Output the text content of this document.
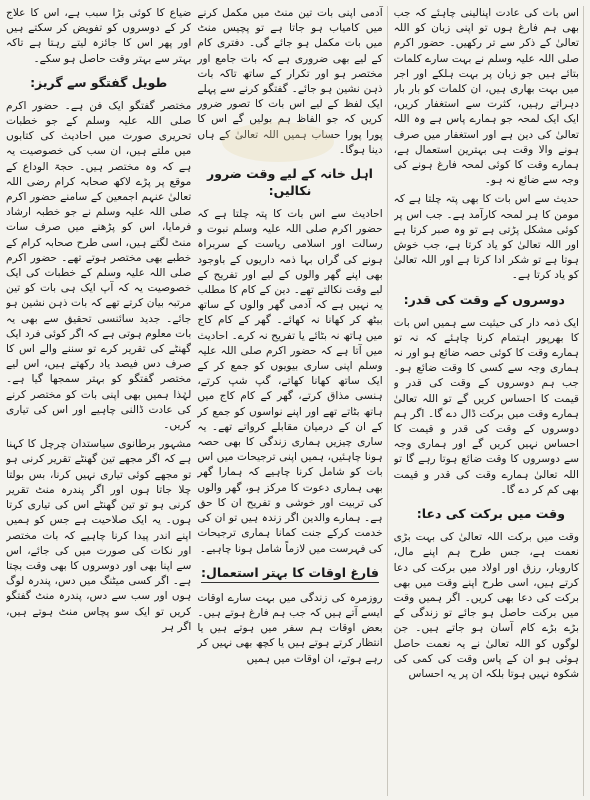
ضیاع کا کوئی بڑا سبب ہے، اس کا علاج کر کے دوسروں کو تفویض کر سکتے ہیں اور پھر اس کا جائزہ لیتے رہتا ہے تاکہ بہتر سے بہتر وقت حاصل ہو سکے۔

طویل گفتگو سے گریز:

مختصر گفتگو ایک فن ہے۔ حضور اکرم صلی اللہ علیہ وسلم کے جو خطبات تحریری صورت میں احادیث کی کتابوں میں ملتے ہیں، ان سب کی خصوصیت یہ ہے کہ وہ مختصر ہیں۔ حجۃ الوداع کے موقع پر پڑے لاکھ صحابہ کرام رضی اللہ تعالیٰ عنہم اجمعین کے سامنے حضور اکرم صلی اللہ علیہ وسلم نے جو خطبہ ارشاد فرمایا، اس کو پڑھنے میں صرف سات منٹ لگتے ہیں، اسی طرح صحابہ کرام کے خطبے بھی مختصر ہوتے تھے۔ حضور اکرم صلی اللہ علیہ وسلم کے خطبات کی ایک خصوصیت یہ کہ آپ ایک ہی بات کو تین مرتبہ بیان کرتے تھے کہ بات ذہن نشین ہو جائے۔ جدید سائنسی تحقیق سے بھی یہ بات معلوم ہوتی ہے کہ اگر کوئی فرد ایک گھنٹے کی تقریر کرے تو سننے والے اس کا صرف دس فیصد یاد رکھتے ہیں، اس لیے مختصر گفتگو کو بہتر سمجھا گیا ہے۔ لہٰذا ہمیں بھی اپنی بات کو مختصر کرنے کی عادت ڈالنی چاہیے اور اس کی تیاری کریں۔

مشہور برطانوی سیاستدان چرچل کا کہنا ہے کہ اگر مجھے تین گھنٹے تقریر کرنی ہو تو مجھے کوئی تیاری نہیں کرنا، بس بولتا چلا جاتا ہوں اور اگر پندرہ منٹ تقریر کرنی ہو تو تین گھنٹے اس کی تیاری کرتا ہوں۔ یہ ایک صلاحیت ہے جس کو ہمیں اپنے اندر پیدا کرنا چاہیے کہ بات مختصر اور نکات کی صورت میں کی جائے، اس سے اپنا بھی اور دوسروں کا بھی وقت بچتا ہے۔ اگر کسی میٹنگ میں دس، پندرہ لوگ ہوں اور سب سے دس، پندرہ منٹ گفتگو کریں تو ایک سو پچاس منٹ ہوتے ہیں، اگر ہر

آدمی اپنی بات تین منٹ میں مکمل کرنے میں کامیاب ہو جاتا ہے تو پچیس منٹ میں بات مکمل ہو جائے گی۔ دفتری کام کے لیے بھی ضروری ہے کہ بات جامع اور مختصر ہو اور تکرار کے ساتھ تاکہ بات ذہن نشین ہو جائے۔ گفتگو کرنے سے پہلے ایک لفظ کے لیے اس بات کا تصور ضرور کریں کہ جو الفاظ ہم بولیں گے اس کا پورا پورا حساب ہمیں اللہ تعالیٰ کے ہاں دینا ہوگا۔

اہل خانہ کے لیے وقت ضرور نکالیں:

احادیث سے اس بات کا پتہ چلتا ہے کہ حضور اکرم صلی اللہ علیہ وسلم نبوت و رسالت اور اسلامی ریاست کے سربراہ ہونے کی گراں بہا ذمہ داریوں کے باوجود بھی اپنے گھر والوں کے لیے اور تفریح کے لیے وقت نکالتے تھے۔ دین کے کام کا مطلب یہ نہیں ہے کہ آدمی گھر والوں کے ساتھ بیٹھ کر کھانا نہ کھائے۔ گھر کے کام کاج میں ہاتھ نہ بٹائے یا تفریح نہ کرے۔ احادیث میں آتا ہے کہ حضور اکرم صلی اللہ علیہ وسلم اپنی ساری بیویوں کو جمع کر کے ایک ساتھ کھانا کھاتے، گپ شپ کرتے، ہنسی مذاق کرتے، گھر کے کام کاج میں ہاتھ بٹاتے تھے اور اپنے نواسوں کو جمع کر کے ان کے درمیان مقابلے کرواتے تھے۔ یہ ساری چیزیں ہماری زندگی کا بھی حصہ ہونا چاہئیں، ہمیں اپنی ترجیحات میں اس بات کو شامل کرنا چاہیے کہ ہمارا گھر بھی ہماری دعوت کا مرکز ہو، گھر والوں کی تربیت اور خوشی و تفریح ان کا حق ہے۔ ہمارے والدین اگر زندہ ہیں تو ان کی خدمت کرکے جنت کمانا ہماری ترجیحات کی فہرست میں لازماً شامل ہونا چاہیے۔

فارغ اوقات کا بہتر استعمال:

روزمرہ کی زندگی میں بہت سارے اوقات ایسے آتے ہیں کہ جب ہم فارغ ہوتے ہیں۔ بعض اوقات ہم سفر میں ہوتے ہیں یا انتظار کرتے ہوتے ہیں یا کچھ بھی نہیں کر رہے ہوتے، ان اوقات میں ہمیں

اس بات کی عادت اپنالینی چاہئے کہ جب بھی ہم فارغ ہوں تو اپنی زبان کو اللہ تعالیٰ کے ذکر سے تر رکھیں۔ حضور اکرم صلی اللہ علیہ وسلم نے بہت سارے کلمات بتائے ہیں جو زبان پر بہت ہلکے اور اجر میں بہت بھاری ہیں، ان کلمات کو بار بار دہراتے رہیں، کثرت سے استغفار کریں، ایک ایک لمحہ جو ہمارے پاس ہے وہ اللہ تعالیٰ کی دین ہے اور استغفار میں صرف ہونے والا وقت ہی بہترین استعمال ہے، ہمارے وقت کا کوئی لمحہ فارغ ہونے کی وجہ سے ضائع نہ ہو۔

حدیث سے اس بات کا بھی پتہ چلتا ہے کہ مومن کا ہر لمحہ کارآمد ہے۔ جب اس پر کوئی مشکل پڑتی ہے تو وہ صبر کرتا ہے اور اللہ تعالیٰ کو یاد کرتا ہے، جب خوش ہوتا ہے تو شکر ادا کرتا ہے اور اللہ تعالیٰ کو یاد کرتا ہے۔

دوسروں کے وقت کی قدر:

ایک ذمہ دار کی حیثیت سے ہمیں اس بات کا بھرپور اہتمام کرنا چاہئے کہ نہ تو ہمارے وقت کا کوئی حصہ ضائع ہو اور نہ ہماری وجہ سے کسی کا وقت ضائع ہو۔ جب ہم دوسروں کے وقت کی قدر و قیمت کا احساس کریں گے تو اللہ تعالیٰ ہمارے وقت میں برکت ڈال دے گا۔ اگر ہم دوسروں کے وقت کی قدر و قیمت کا احساس نہیں کریں گے اور ہماری وجہ سے دوسروں کا وقت ضائع ہوتا رہے گا تو اللہ تعالیٰ ہمارے وقت کی قدر و قیمت بھی کم کر دے گا۔

وقت میں برکت کی دعا:

وقت میں برکت اللہ تعالیٰ کی بہت بڑی نعمت ہے، جس طرح ہم اپنے مال، کاروبار، رزق اور اولاد میں برکت کی دعا کرتے ہیں، اسی طرح اپنے وقت میں بھی برکت کی دعا بھی کریں۔ اگر ہمیں وقت میں برکت حاصل ہو جائے تو زندگی کے بڑے بڑے کام آسان ہو جاتے ہیں۔ جن لوگوں کو اللہ تعالیٰ نے یہ نعمت حاصل ہوئی ہو ان کے پاس وقت کی کمی کی شکوہ نہیں ہوتا بلکہ ان پر یہ احساس
